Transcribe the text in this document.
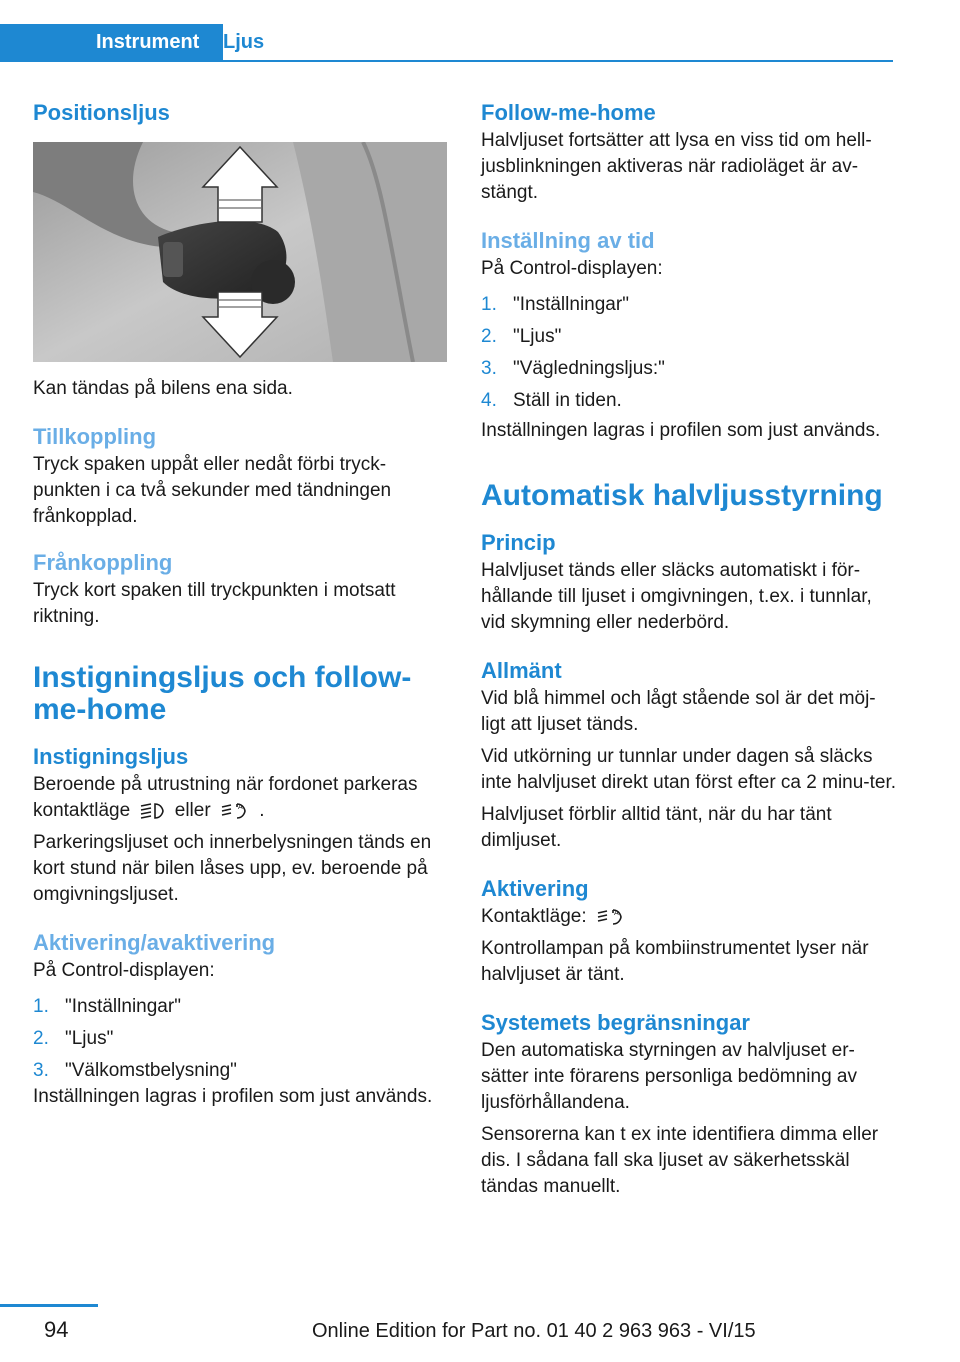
Instrument	Ljus
Positionsljus

Kan tändas på bilens ena sida.

Tillkoppling

Tryck spaken uppåt eller nedåt förbi tryck-punkten i ca två sekunder med tändningen frånkopplad.

Frånkoppling

Tryck kort spaken till tryckpunkten i motsatt riktning.

Instigningsljus och follow-me-home
Instigningsljus

Beroende på utrustning när fordonet parkeras kontaktläge eller	A .

Parkeringsljuset och innerbelysningen tänds en kort stund när bilen låses upp, ev. beroende på omgivningsljuset.

Aktivering/avaktivering

På Control-displayen:

1. "Inställningar"
2. "Ljus"
3. "Välkomstbelysning"

Inställningen lagras i profilen som just används.

Follow-me-home

Halvljuset fortsätter att lysa en viss tid om hell-jusblinkningen aktiveras när radioläget är av-stängt.

Inställning av tid

På Control-displayen:

1. "Inställningar"
2. "Ljus"
3. "Vägledningsljus:"
4. Ställ in tiden.

Inställningen lagras i profilen som just används.

Automatisk halvljusstyrning
Princip

Halvljuset tänds eller släcks automatiskt i för-hållande till ljuset i omgivningen, t.ex. i tunnlar, vid skymning eller nederbörd.

Allmänt

Vid blå himmel och lågt stående sol är det möj-ligt att ljuset tänds.

Vid utkörning ur tunnlar under dagen så släcks inte halvljuset direkt utan först efter ca 2 minu-ter.

Halvljuset förblir alltid tänt, när du har tänt dimljuset.

Aktivering

Kontaktläge:	A

Kontrollampan på kombiinstrumentet lyser när halvljuset är tänt.

Systemets begränsningar

Den automatiska styrningen av halvljuset er-sätter inte förarens personliga bedömning av ljusförhållandena.

Sensorerna kan t ex inte identifiera dimma eller dis. I sådana fall ska ljuset av säkerhetsskäl tändas manuellt.

94	Online Edition for Part no. 01 40 2 963 963 - VI/15
